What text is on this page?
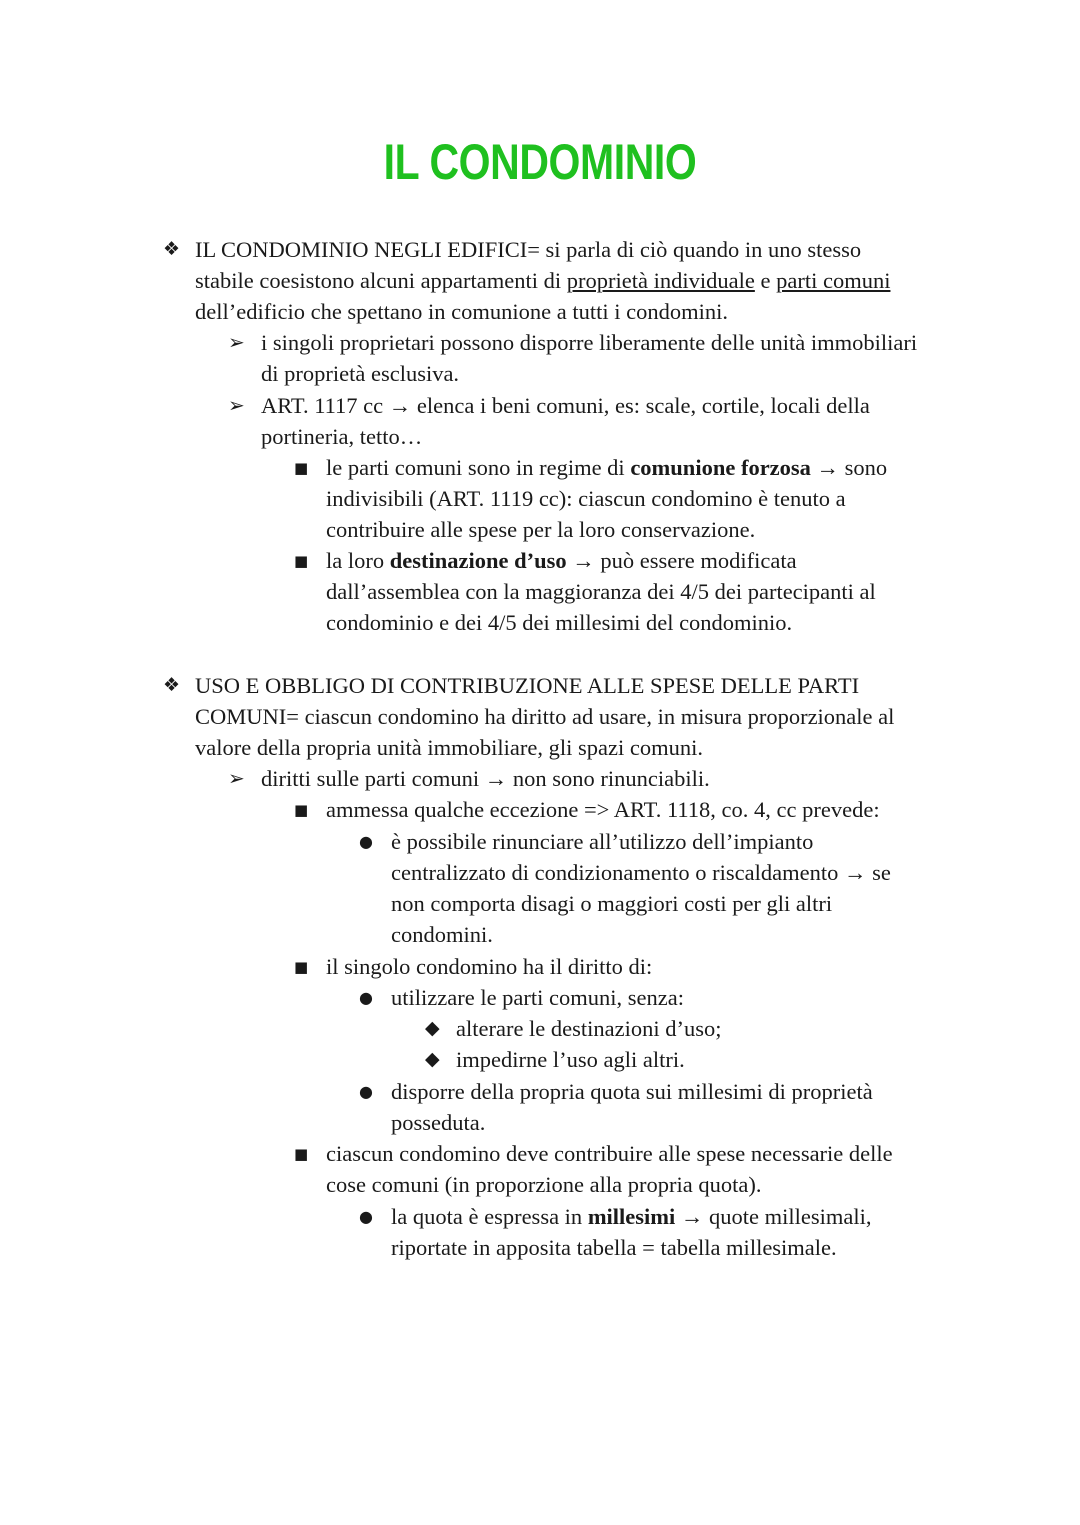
IL CONDOMINIO
❖ IL CONDOMINIO NEGLI EDIFICI= si parla di ciò quando in uno stesso
stabile coesistono alcuni appartamenti di proprietà individuale e parti comuni
dell’edificio che spettano in comunione a tutti i condomini.
➢ i singoli proprietari possono disporre liberamente delle unità immobiliari
di proprietà esclusiva.
➢ ART. 1117 cc → elenca i beni comuni, es: scale, cortile, locali della
portineria, tetto…
■ le parti comuni sono in regime di comunione forzosa → sono
indivisibili (ART. 1119 cc): ciascun condomino è tenuto a
contribuire alle spese per la loro conservazione.
■ la loro destinazione d’uso → può essere modificata
dall’assemblea con la maggioranza dei 4/5 dei partecipanti al
condominio e dei 4/5 dei millesimi del condominio.
❖ USO E OBBLIGO DI CONTRIBUZIONE ALLE SPESE DELLE PARTI
COMUNI= ciascun condomino ha diritto ad usare, in misura proporzionale al
valore della propria unità immobiliare, gli spazi comuni.
➢ diritti sulle parti comuni → non sono rinunciabili.
■ ammessa qualche eccezione => ART. 1118, co. 4, cc prevede:
● è possibile rinunciare all’utilizzo dell’impianto
centralizzato di condizionamento o riscaldamento → se
non comporta disagi o maggiori costi per gli altri
condomini.
■ il singolo condomino ha il diritto di:
● utilizzare le parti comuni, senza:
◆ alterare le destinazioni d’uso;
◆ impedirne l’uso agli altri.
● disporre della propria quota sui millesimi di proprietà
posseduta.
■ ciascun condomino deve contribuire alle spese necessarie delle
cose comuni (in proporzione alla propria quota).
● la quota è espressa in millesimi → quote millesimali,
riportate in apposita tabella = tabella millesimale.
